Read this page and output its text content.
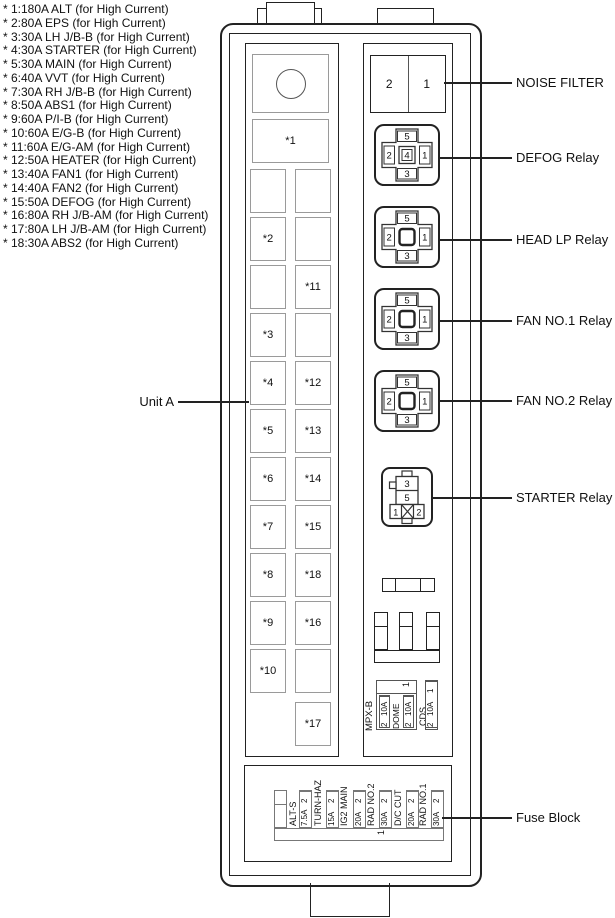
* 1:180A ALT (for High Current)
* 2:80A EPS (for High Current)
* 3:30A LH J/B-B (for High Current)
* 4:30A STARTER (for High Current)
* 5:30A MAIN (for High Current)
* 6:40A VVT (for High Current)
* 7:30A RH J/B-B (for High Current)
* 8:50A ABS1 (for High Current)
* 9:60A P/I-B (for High Current)
* 10:60A E/G-B (for High Current)
* 11:60A E/G-AM (for High Current)
* 12:50A HEATER (for High Current)
* 13:40A FAN1 (for High Current)
* 14:40A FAN2 (for High Current)
* 15:50A DEFOG (for High Current)
* 16:80A RH J/B-AM (for High Current)
* 17:80A LH J/B-AM (for High Current)
* 18:30A ABS2 (for High Current)
*1
*2
*11
*3
*4	*12
*5	*13
*6	*14
*7	*15
*8	*18
*9	*16
*10
*17
2	1
5
2 4 1
3
5
2	1
3
5
2	1
3
5
2	1
3
3
5
1 2
MPX-B
1
10A
2 DOME 10A
2 CDS
1
10A
2
ALT-S
2
7.5A TURN-HAZ 2
15A IG2 MAIN 2
20A RAD NO.2 2
30A D/C CUT 2
20A RAD NO.1 2
30A
1
Unit A
NOISE FILTER
DEFOG Relay
HEAD LP Relay
FAN NO.1 Relay
FAN NO.2 Relay
STARTER Relay
Fuse Block
